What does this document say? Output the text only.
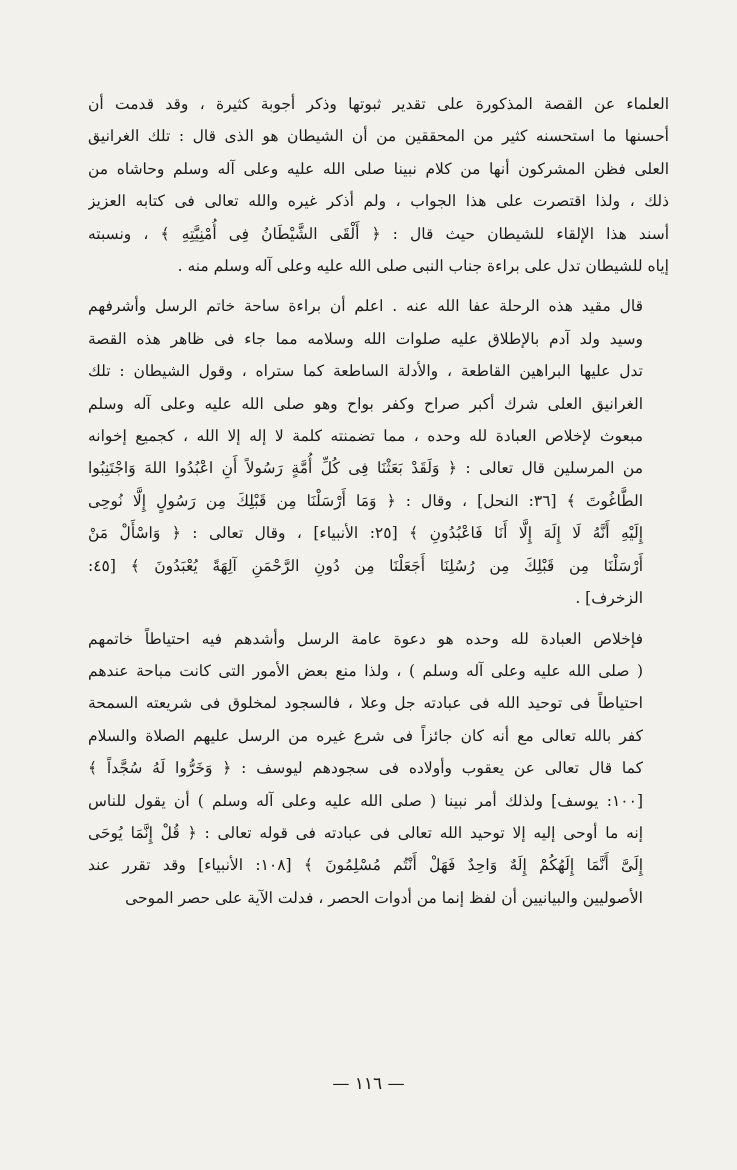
العلماء عن القصة المذكورة على تقدير ثبوتها وذكر أجوبة كثيرة ، وقد قدمت أن
أحسنها ما استحسنه كثير من المحققين من أن الشيطان هو الذى قال : تلك الغرانيق
العلى فظن المشركون أنها من كلام نبينا صلى الله عليه وعلى آله وسلم وحاشاه من
ذلك ، ولذا اقتصرت على هذا الجواب ، ولم أذكر غيره والله تعالى فى كتابه العزيز
أسند هذا الإلقاء للشيطان حيث قال : ﴿ أَلْقَى الشَّيْطَانُ فِى أُمْنِيَّتِهِ ﴾ ، ونسبته
إياه للشيطان تدل على براءة جناب النبى صلى الله عليه وعلى آله وسلم منه .

قال مقيد هذه الرحلة عفا الله عنه . اعلم أن براءة ساحة خاتم الرسل وأشرفهم
وسيد ولد آدم بالإطلاق عليه صلوات الله وسلامه مما جاء فى ظاهر هذه القصة
تدل عليها البراهين القاطعة ، والأدلة الساطعة كما ستراه ، وقول الشيطان : تلك
الغرانيق العلى شرك أكبر صراح وكفر بواح وهو صلى الله عليه وعلى آله وسلم
مبعوث لإخلاص العبادة لله وحده ، مما تضمنته كلمة لا إله إلا الله ، كجميع إخوانه
من المرسلين قال تعالى : ﴿ وَلَقَدْ بَعَثْنَا فِى كُلِّ أُمَّةٍ رَسُولاً أَنِ اعْبُدُوا اللهَ وَاجْتَنِبُوا
الطَّاغُوتَ ﴾ [٣٦: النحل] ، وقال : ﴿ وَمَا أَرْسَلْنَا مِن قَبْلِكَ مِن رَسُولٍ إِلَّا نُوحِى
إِلَيْهِ أَنَّهُ لَا إِلَهَ إِلَّا أَنَا فَاعْبُدُونِ ﴾ [٢٥: الأنبياء] ، وقال تعالى : ﴿ وَاسْأَلْ مَنْ
أَرْسَلْنَا مِن قَبْلِكَ مِن رُسُلِنَا أَجَعَلْنَا مِن دُونِ الرَّحْمَنِ آلِهَةً يُعْبَدُونَ ﴾ [٤٥:
الزخرف] .

فإخلاص العبادة لله وحده هو دعوة عامة الرسل وأشدهم فيه احتياطاً خاتمهم
( صلى الله عليه وعلى آله وسلم ) ، ولذا منع بعض الأمور التى كانت مباحة عندهم
احتياطاً فى توحيد الله فى عبادته جل وعلا ، فالسجود لمخلوق فى شريعته السمحة
كفر بالله تعالى مع أنه كان جائزاً فى شرع غيره من الرسل عليهم الصلاة والسلام
كما قال تعالى عن يعقوب وأولاده فى سجودهم ليوسف : ﴿ وَخَرُّوا لَهُ سُجَّداً ﴾
[١٠٠: يوسف] ولذلك أمر نبينا ( صلى الله عليه وعلى آله وسلم ) أن يقول للناس
إنه ما أوحى إليه إلا توحيد الله تعالى فى عبادته فى قوله تعالى : ﴿ قُلْ إِنَّمَا يُوحَى
إِلَىَّ أَنَّمَا إِلَهُكُمْ إِلَهٌ وَاحِدٌ فَهَلْ أَنْتُم مُسْلِمُونَ ﴾ [١٠٨: الأنبياء] وقد تقرر عند
الأصوليين والبيانيين أن لفظ إنما من أدوات الحصر ، فدلت الآية على حصر الموحى

— ١١٦ —
